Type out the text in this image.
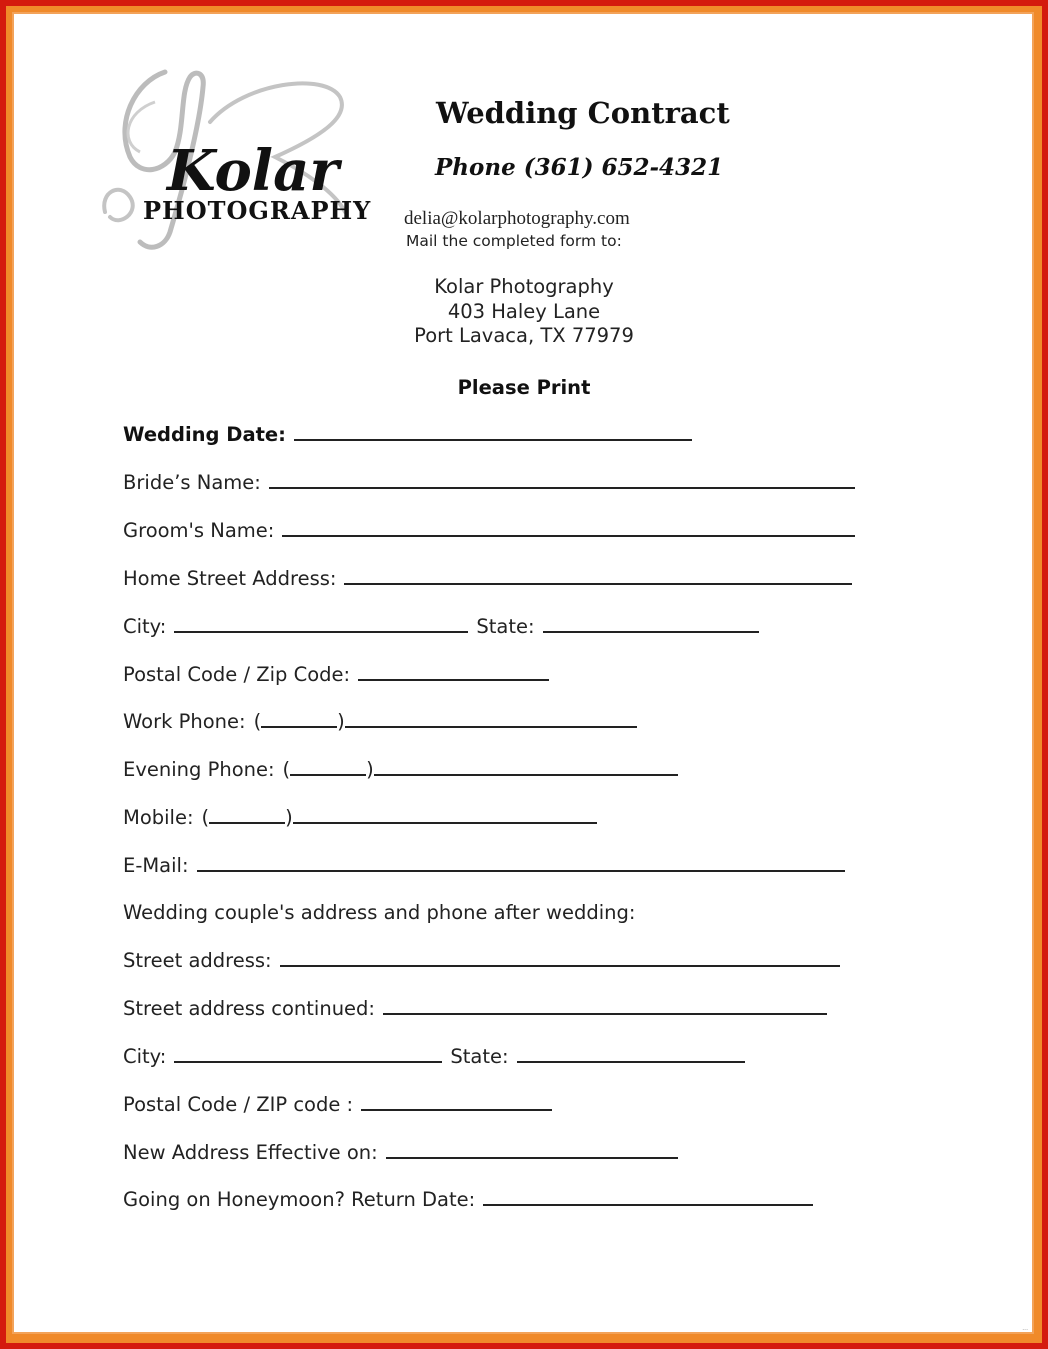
Kolar
PHOTOGRAPHY
Wedding Contract
Phone (361) 652-4321
delia@kolarphotography.com
Mail the completed form to:
Kolar Photography
403 Haley Lane
Port Lavaca, TX 77979
Please Print
Wedding Date:
Bride’s Name:
Groom's Name:
Home Street Address:
City:	State:
Postal Code / Zip Code:
Work Phone: (	)
Evening Phone: (	)
Mobile: (	)
E-Mail:
Wedding couple's address and phone after wedding:
Street address:
Street address continued:
City:	State:
Postal Code / ZIP code :
New Address Effective on:
Going on Honeymoon? Return Date:
...
